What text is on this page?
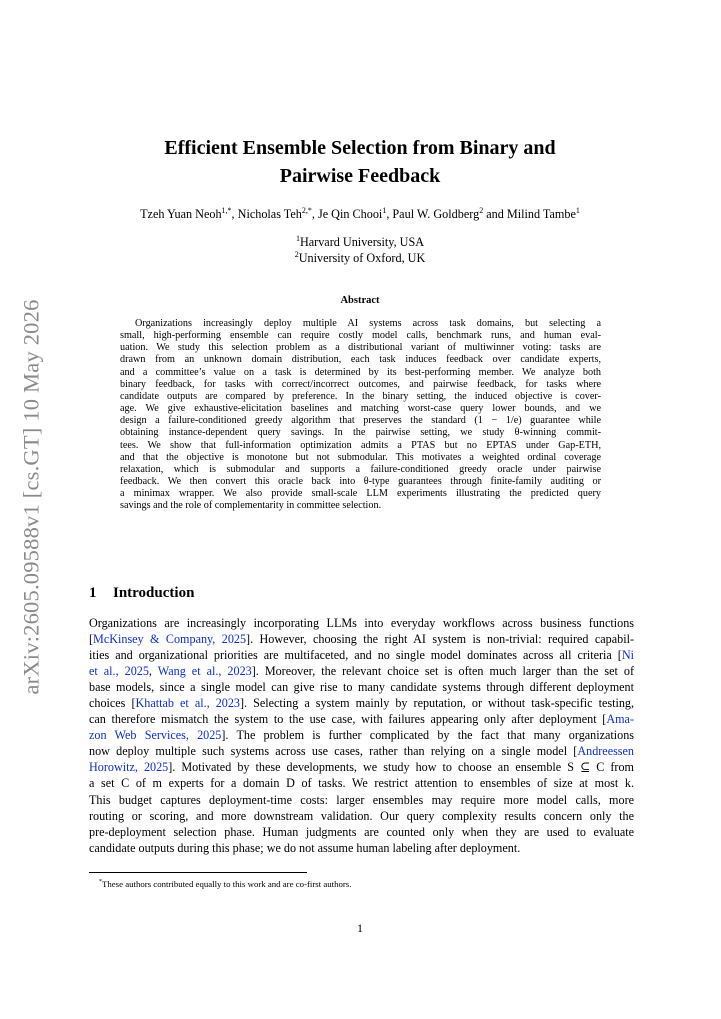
arXiv:2605.09588v1 [cs.GT] 10 May 2026
Efficient Ensemble Selection from Binary and
Pairwise Feedback
Tzeh Yuan Neoh$^{1,*}$, Nicholas Teh$^{2,*}$, Je Qin Chooi$^1$, Paul W. Goldberg$^2$ and Milind Tambe$^1$
$^1$Harvard University, USA
$^2$University of Oxford, UK
Abstract
Organizations increasingly deploy multiple AI systems across task domains, but selecting a
small, high-performing ensemble can require costly model calls, benchmark runs, and human eval-
uation. We study this selection problem as a distributional variant of multiwinner voting: tasks are
drawn from an unknown domain distribution, each task induces feedback over candidate experts,
and a committee’s value on a task is determined by its best-performing member. We analyze both
binary feedback, for tasks with correct/incorrect outcomes, and pairwise feedback, for tasks where
candidate outputs are compared by preference. In the binary setting, the induced objective is cover-
age. We give exhaustive-elicitation baselines and matching worst-case query lower bounds, and we
design a failure-conditioned greedy algorithm that preserves the standard (1 − 1/e) guarantee while
obtaining instance-dependent query savings. In the pairwise setting, we study θ-winning commit-
tees. We show that full-information optimization admits a PTAS but no EPTAS under Gap-ETH,
and that the objective is monotone but not submodular. This motivates a weighted ordinal coverage
relaxation, which is submodular and supports a failure-conditioned greedy oracle under pairwise
feedback. We then convert this oracle back into θ-type guarantees through finite-family auditing or
a minimax wrapper. We also provide small-scale LLM experiments illustrating the predicted query
savings and the role of complementarity in committee selection.
1 Introduction
Organizations are increasingly incorporating LLMs into everyday workflows across business functions
[McKinsey & Company, 2025]. However, choosing the right AI system is non-trivial: required capabil-
ities and organizational priorities are multifaceted, and no single model dominates across all criteria [Ni
et al., 2025, Wang et al., 2023]. Moreover, the relevant choice set is often much larger than the set of
base models, since a single model can give rise to many candidate systems through different deployment
choices [Khattab et al., 2023]. Selecting a system mainly by reputation, or without task-specific testing,
can therefore mismatch the system to the use case, with failures appearing only after deployment [Ama-
zon Web Services, 2025]. The problem is further complicated by the fact that many organizations
now deploy multiple such systems across use cases, rather than relying on a single model [Andreessen
Horowitz, 2025]. Motivated by these developments, we study how to choose an ensemble S ⊆ C from
a set C of m experts for a domain D of tasks. We restrict attention to ensembles of size at most k.
This budget captures deployment-time costs: larger ensembles may require more model calls, more
routing or scoring, and more downstream validation. Our query complexity results concern only the
pre-deployment selection phase. Human judgments are counted only when they are used to evaluate
candidate outputs during this phase; we do not assume human labeling after deployment.
*These authors contributed equally to this work and are co-first authors.
1
